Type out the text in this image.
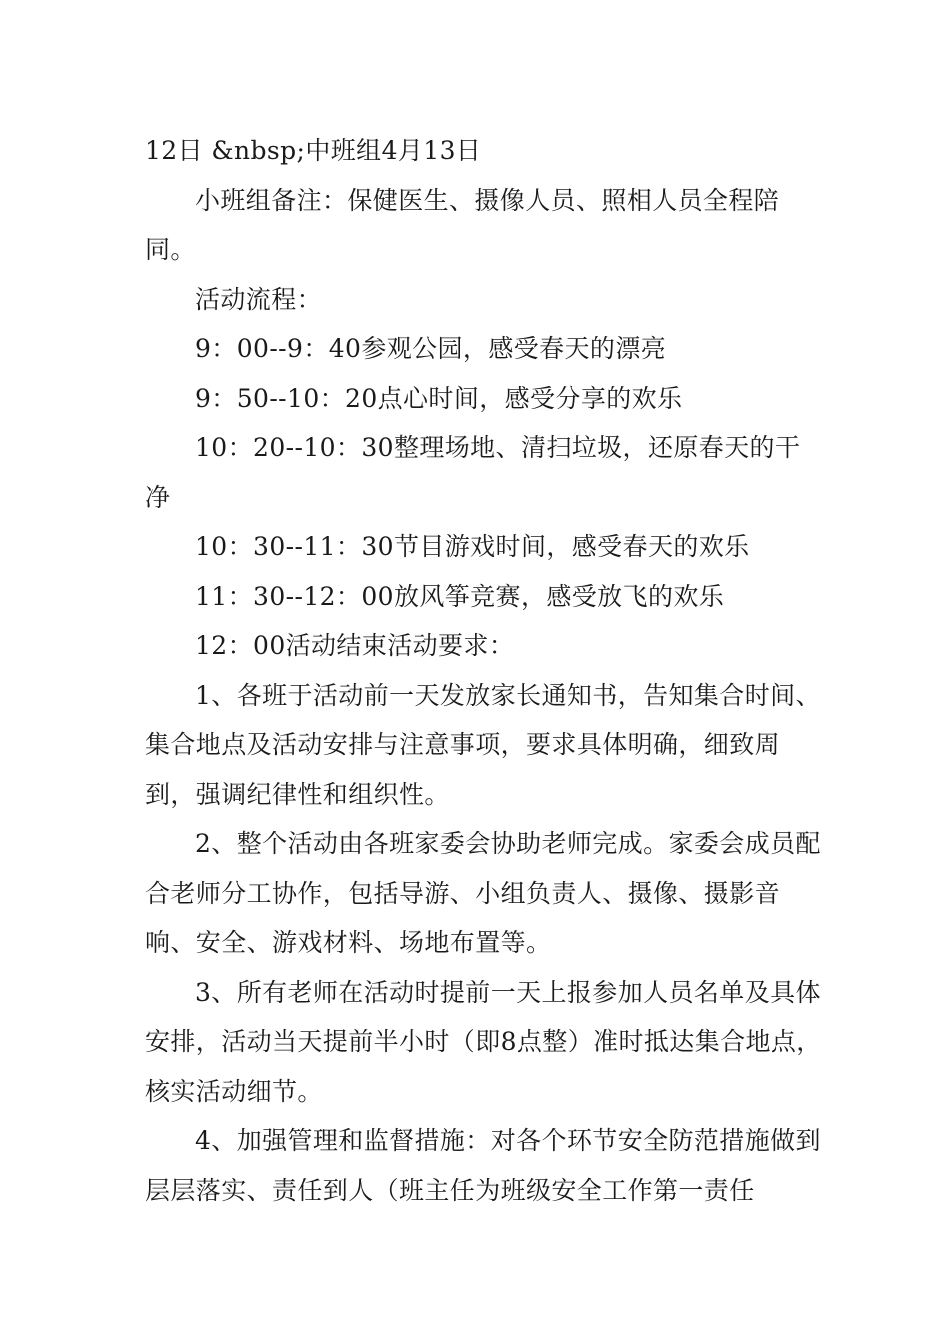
12日 &nbsp;中班组4月13日

小班组备注：保健医生、摄像人员、照相人员全程陪同。

活动流程：

9：00--9：40参观公园，感受春天的漂亮

9：50--10：20点心时间，感受分享的欢乐

10：20--10：30整理场地、清扫垃圾，还原春天的干净

10：30--11：30节目游戏时间，感受春天的欢乐

11：30--12：00放风筝竞赛，感受放飞的欢乐

12：00活动结束活动要求：

1、各班于活动前一天发放家长通知书，告知集合时间、集合地点及活动安排与注意事项，要求具体明确，细致周到，强调纪律性和组织性。

2、整个活动由各班家委会协助老师完成。家委会成员配合老师分工协作，包括导游、小组负责人、摄像、摄影音响、安全、游戏材料、场地布置等。

3、所有老师在活动时提前一天上报参加人员名单及具体安排，活动当天提前半小时（即8点整）准时抵达集合地点，核实活动细节。

4、加强管理和监督措施：对各个环节安全防范措施做到层层落实、责任到人（班主任为班级安全工作第一责任
